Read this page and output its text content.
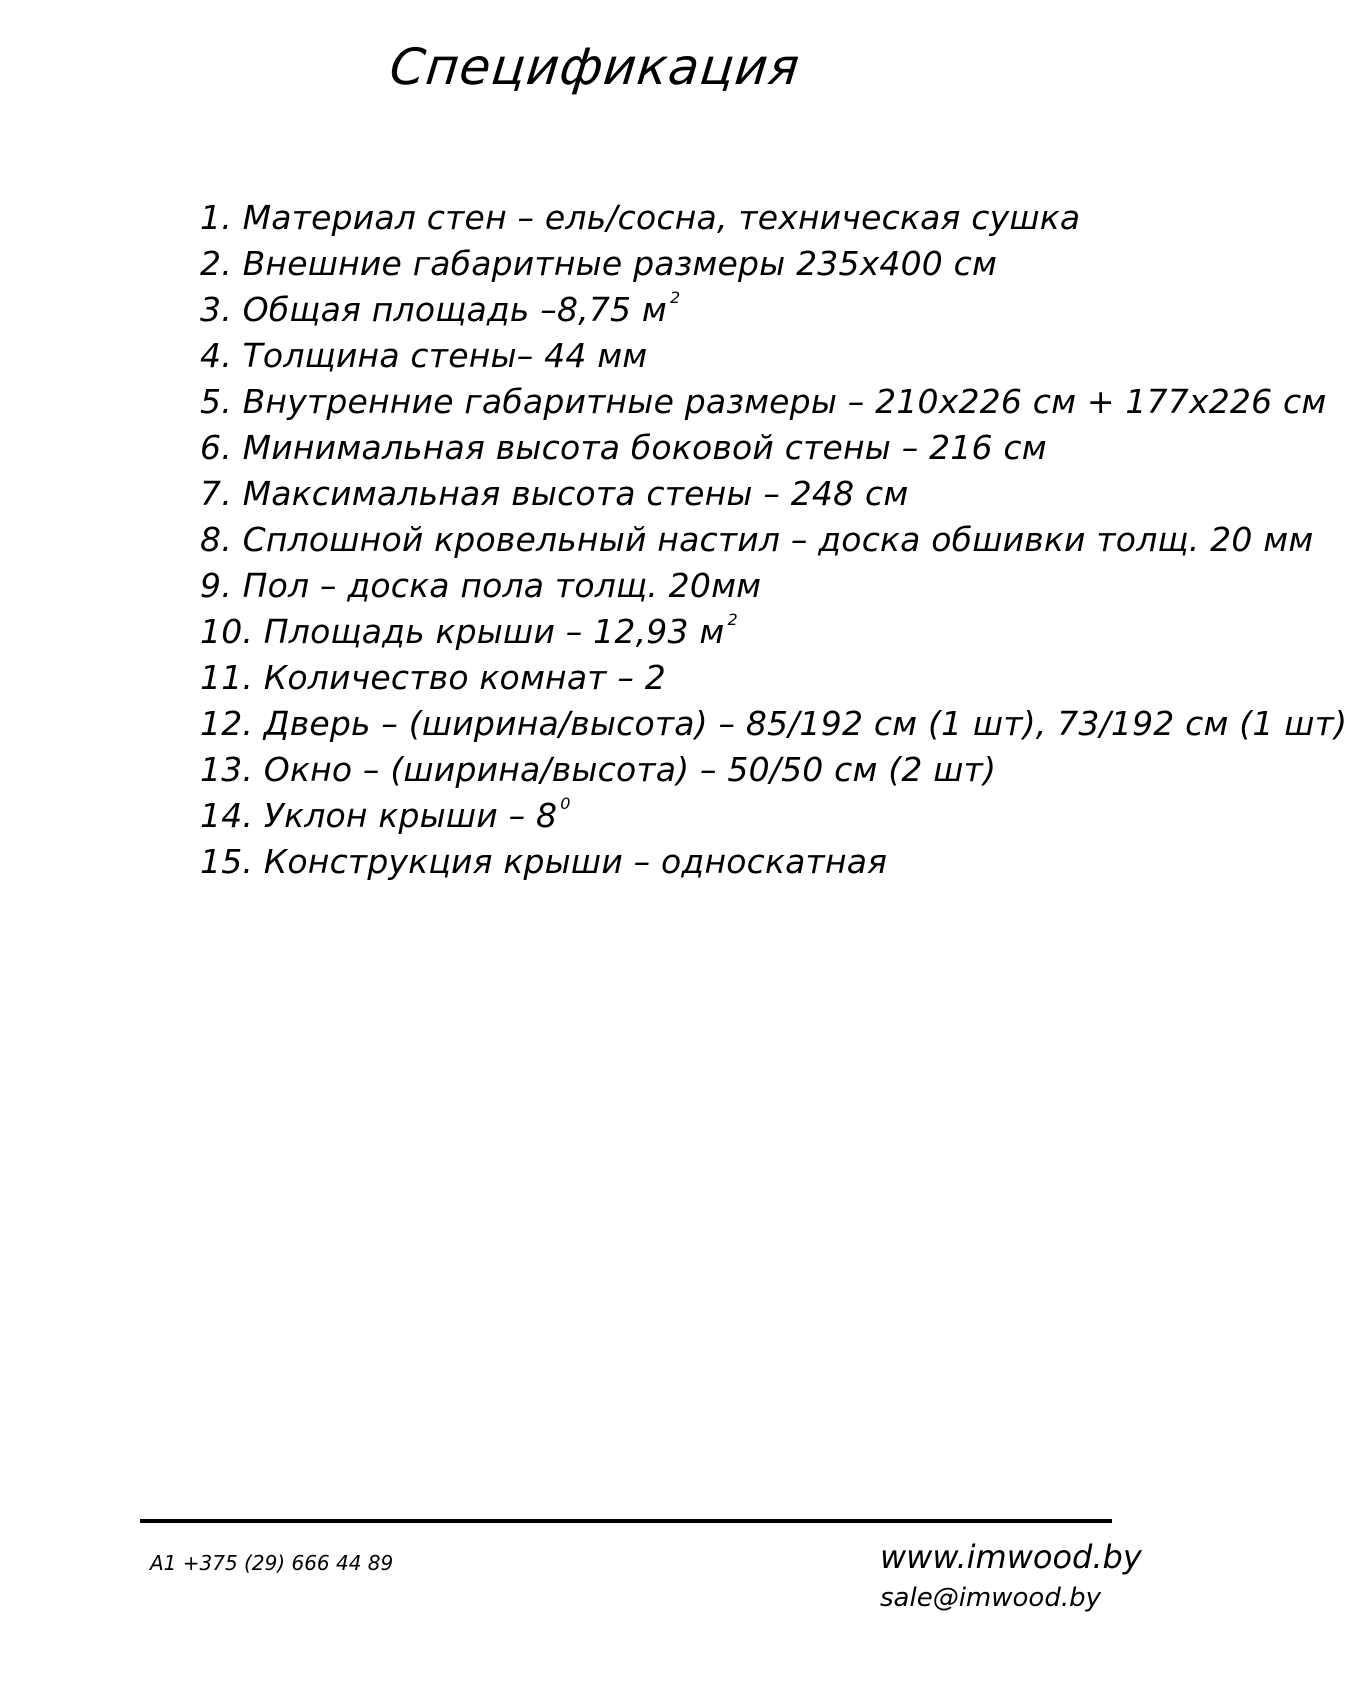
Спецификация
1. Материал стен – ель/сосна, техническая сушка
2. Внешние габаритные размеры 235х400 см
3. Общая площадь –8,75 м $^2$
4. Толщина стены– 44 мм
5. Внутренние габаритные размеры – 210х226 см + 177х226 см
6. Минимальная высота боковой стены – 216 см
7. Максимальная высота стены – 248 см
8. Сплошной кровельный настил – доска обшивки толщ. 20 мм
9. Пол – доска пола толщ. 20мм
10. Площадь крыши – 12,93 м $^2$
11. Количество комнат – 2
12. Дверь – (ширина/высота) – 85/192 см (1 шт), 73/192 см (1 шт)
13. Окно – (ширина/высота) – 50/50 см (2 шт)
14. Уклон крыши – 8 $^0$
15. Конструкция крыши – односкатная
А1 +375 (29) 666 44 89	www.imwood.by
sale@imwood.by
